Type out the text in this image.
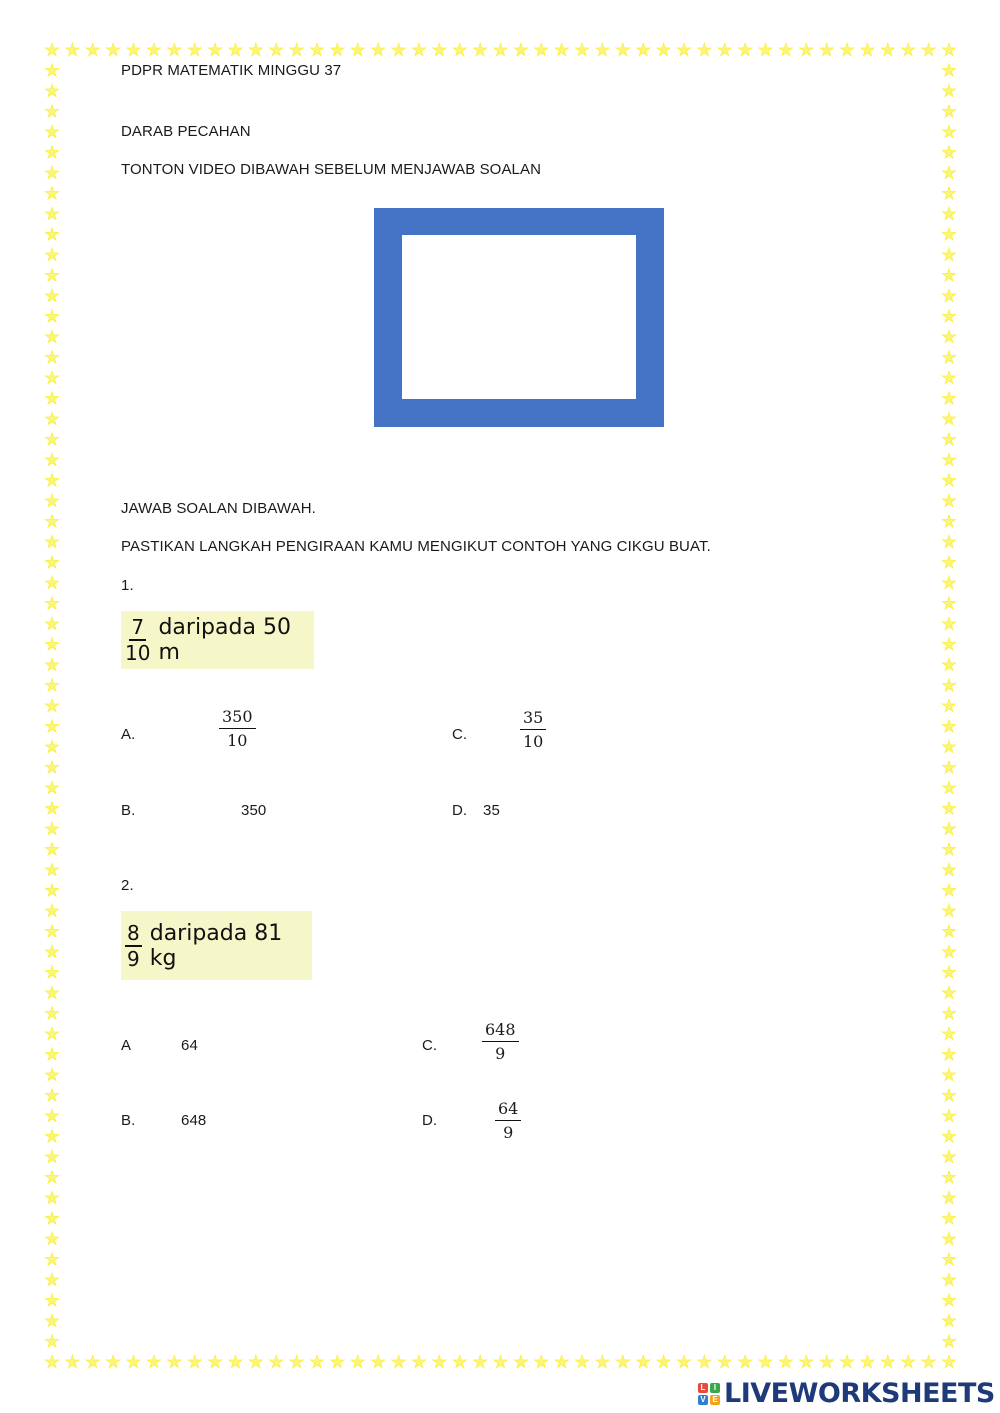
PDPR MATEMATIK MINGGU 37
DARAB PECAHAN
TONTON VIDEO DIBAWAH SEBELUM MENJAWAB SOALAN
JAWAB SOALAN DIBAWAH.
PASTIKAN LANGKAH PENGIRAAN KAMU MENGIKUT CONTOH YANG CIKGU BUAT.
1.
$\frac{7}{10}$ daripada 50 m
A.	$\frac{350}{10}$	C.	$\frac{35}{10}$
B.	350	D. 35
2.
$\frac{8}{9}$ daripada 81 kg
A	64	C.	$\frac{648}{9}$
B.	648	D.	$\frac{64}{9}$
L	I
V E LIVEWORKSHEETS
